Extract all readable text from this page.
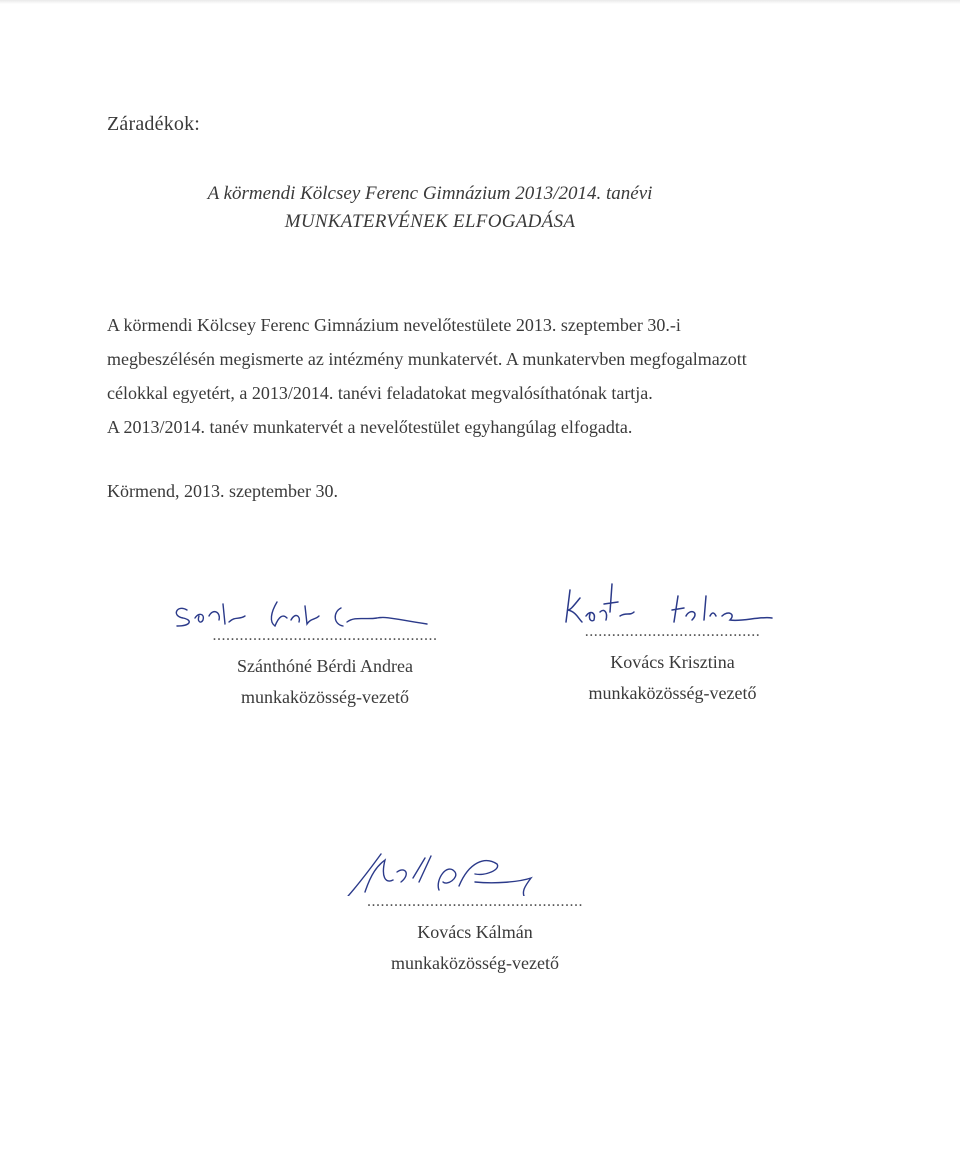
Záradékok:
A körmendi Kölcsey Ferenc Gimnázium 2013/2014. tanévi
MUNKATERVÉNEK ELFOGADÁSA
A körmendi Kölcsey Ferenc Gimnázium nevelőtestülete 2013. szeptember 30.-i
megbeszélésén megismerte az intézmény munkatervét. A munkatervben megfogalmazott
célokkal egyetért, a 2013/2014. tanévi feladatokat megvalósíthatónak tartja.
A 2013/2014. tanév munkatervét a nevelőtestület egyhangúlag elfogadta.
Körmend, 2013. szeptember 30.
..................................................
Szánthóné Bérdi Andrea
munkaközösség-vezető
.......................................
Kovács Krisztina
munkaközösség-vezető
................................................
Kovács Kálmán
munkaközösség-vezető
